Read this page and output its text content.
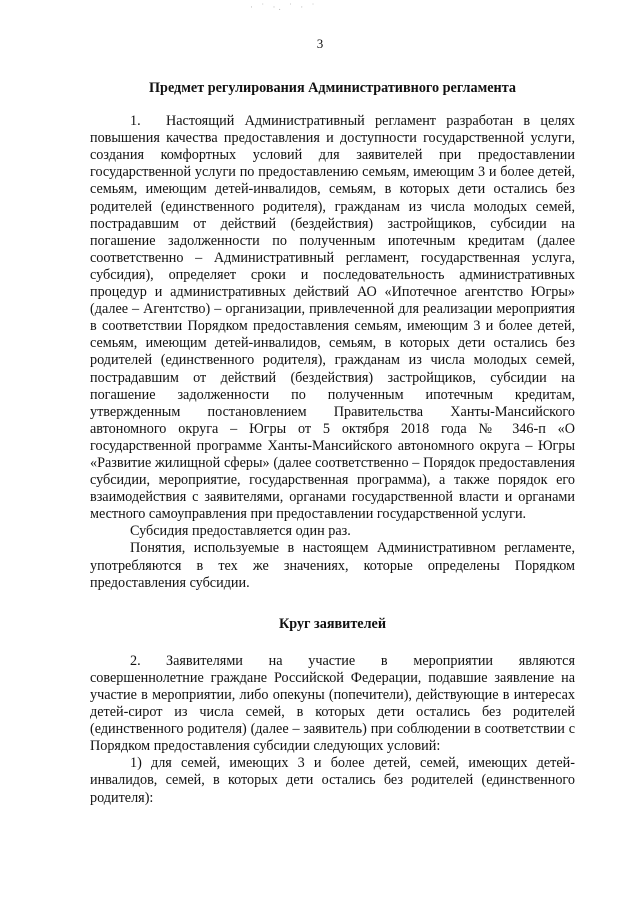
· ˙ ·. ˙ · ˙
3
Предмет регулирования Административного регламента

1. Настоящий Административный регламент разработан в целях повышения качества предоставления и доступности государственной услуги, создания комфортных условий для заявителей при предоставлении государственной услуги по предоставлению семьям, имеющим 3 и более детей, семьям, имеющим детей-инвалидов, семьям, в которых дети остались без родителей (единственного родителя), гражданам из числа молодых семей, пострадавшим от действий (бездействия) застройщиков, субсидии на погашение задолженности по полученным ипотечным кредитам (далее соответственно – Административный регламент, государственная услуга, субсидия), определяет сроки и последовательность административных процедур и административных действий АО «Ипотечное агентство Югры» (далее – Агентство) – организации, привлеченной для реализации мероприятия в соответствии Порядком предоставления семьям, имеющим 3 и более детей, семьям, имеющим детей-инвалидов, семьям, в которых дети остались без родителей (единственного родителя), гражданам из числа молодых семей, пострадавшим от действий (бездействия) застройщиков, субсидии на погашение задолженности по полученным ипотечным кредитам, утвержденным постановлением Правительства Ханты-Мансийского автономного округа – Югры от 5 октября 2018 года № 346-п «О государственной программе Ханты-Мансийского автономного округа – Югры «Развитие жилищной сферы» (далее соответственно – Порядок предоставления субсидии, мероприятие, государственная программа), а также порядок его взаимодействия с заявителями, органами государственной власти и органами местного самоуправления при предоставлении государственной услуги.

Субсидия предоставляется один раз.

Понятия, используемые в настоящем Административном регламенте, употребляются в тех же значениях, которые определены Порядком предоставления субсидии.

Круг заявителей

2. Заявителями на участие в мероприятии являются совершеннолетние граждане Российской Федерации, подавшие заявление на участие в мероприятии, либо опекуны (попечители), действующие в интересах детей-сирот из числа семей, в которых дети остались без родителей (единственного родителя) (далее – заявитель) при соблюдении в соответствии с Порядком предоставления субсидии следующих условий:

1) для семей, имеющих 3 и более детей, семей, имеющих детей-инвалидов, семей, в которых дети остались без родителей (единственного родителя):
